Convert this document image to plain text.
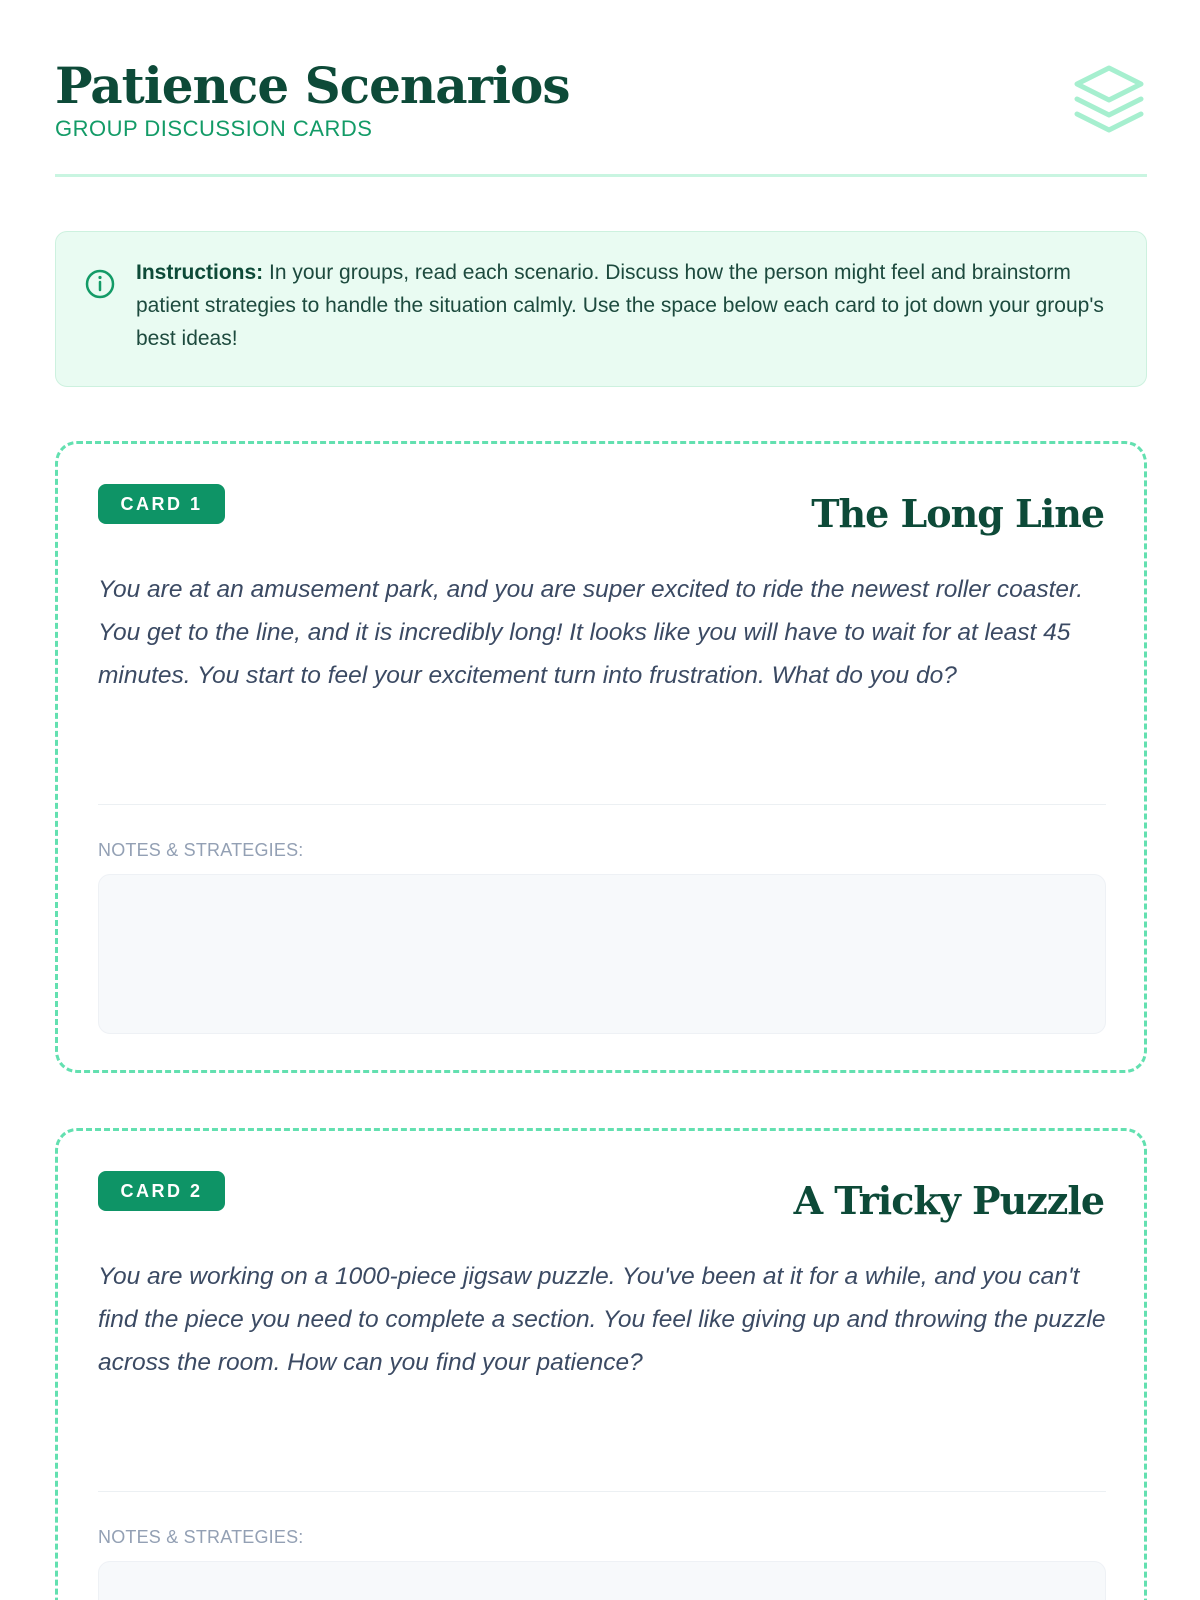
Patience Scenarios
GROUP DISCUSSION CARDS

Instructions: In your groups, read each scenario. Discuss how the person might feel and brainstorm patient strategies to handle the situation calmly. Use the space below each card to jot down your group's best ideas!

CARD 1	The Long Line

You are at an amusement park, and you are super excited to ride the newest roller coaster. You get to the line, and it is incredibly long! It looks like you will have to wait for at least 45 minutes. You start to feel your excitement turn into frustration. What do you do?

NOTES & STRATEGIES:
CARD 2	A Tricky Puzzle

You are working on a 1000-piece jigsaw puzzle. You've been at it for a while, and you can't find the piece you need to complete a section. You feel like giving up and throwing the puzzle across the room. How can you find your patience?

NOTES & STRATEGIES:
